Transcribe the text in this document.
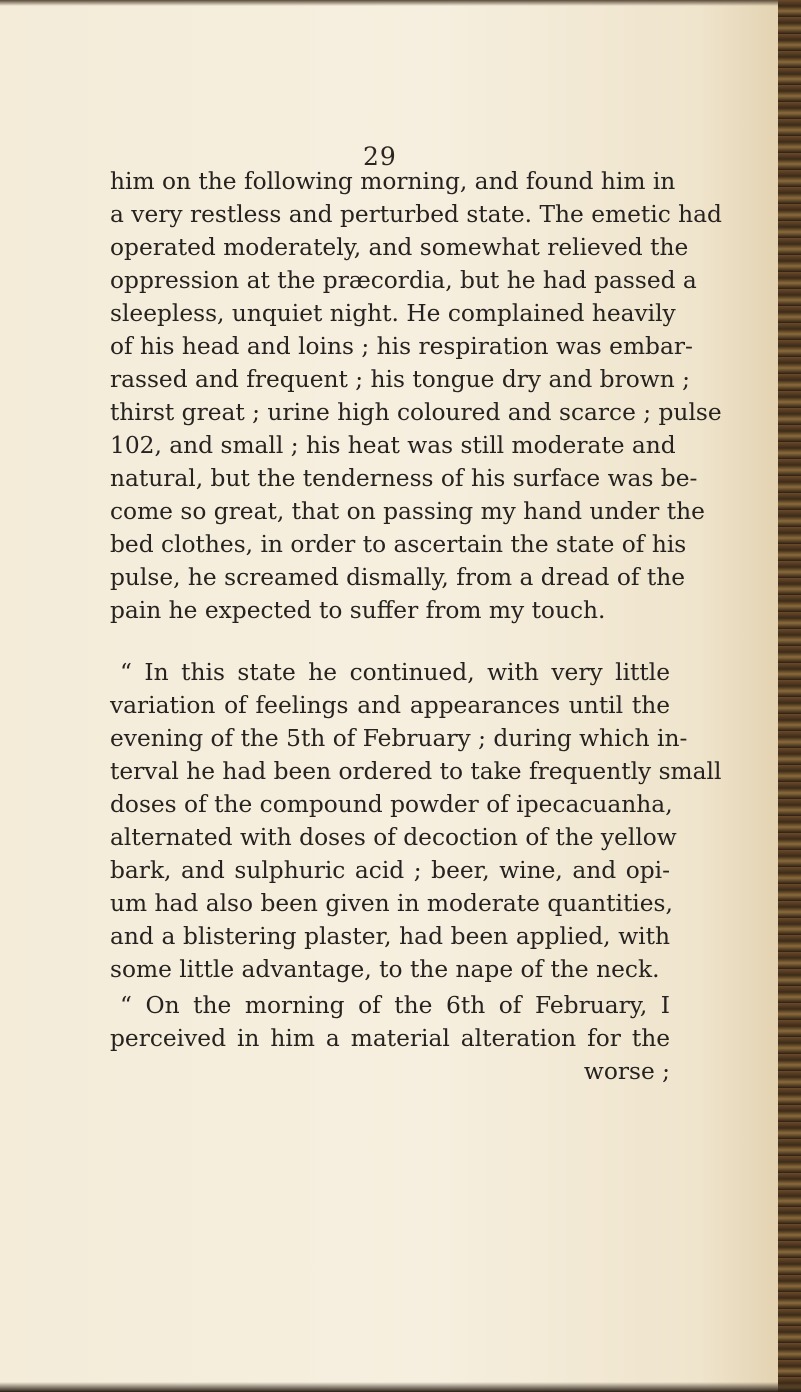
29
him on the following morning, and found him in
a very restless and perturbed state. The emetic had
operated moderately, and somewhat relieved the
oppression at the præcordia, but he had passed a
sleepless, unquiet night. He complained heavily
of his head and loins ; his respiration was embar-
rassed and frequent ; his tongue dry and brown ;
thirst great ; urine high coloured and scarce ; pulse
102, and small ; his heat was still moderate and
natural, but the tenderness of his surface was be-
come so great, that on passing my hand under the
bed clothes, in order to ascertain the state of his
pulse, he screamed dismally, from a dread of the
pain he expected to suffer from my touch.
“ In this state he continued, with very little
variation of feelings and appearances until the
evening of the 5th of February ; during which in-
terval he had been ordered to take frequently small
doses of the compound powder of ipecacuanha,
alternated with doses of decoction of the yellow
bark, and sulphuric acid ; beer, wine, and opi-
um had also been given in moderate quantities,
and a blistering plaster, had been applied, with
some little advantage, to the nape of the neck.
“ On the morning of the 6th of February, I
perceived in him a material alteration for the
worse ;
